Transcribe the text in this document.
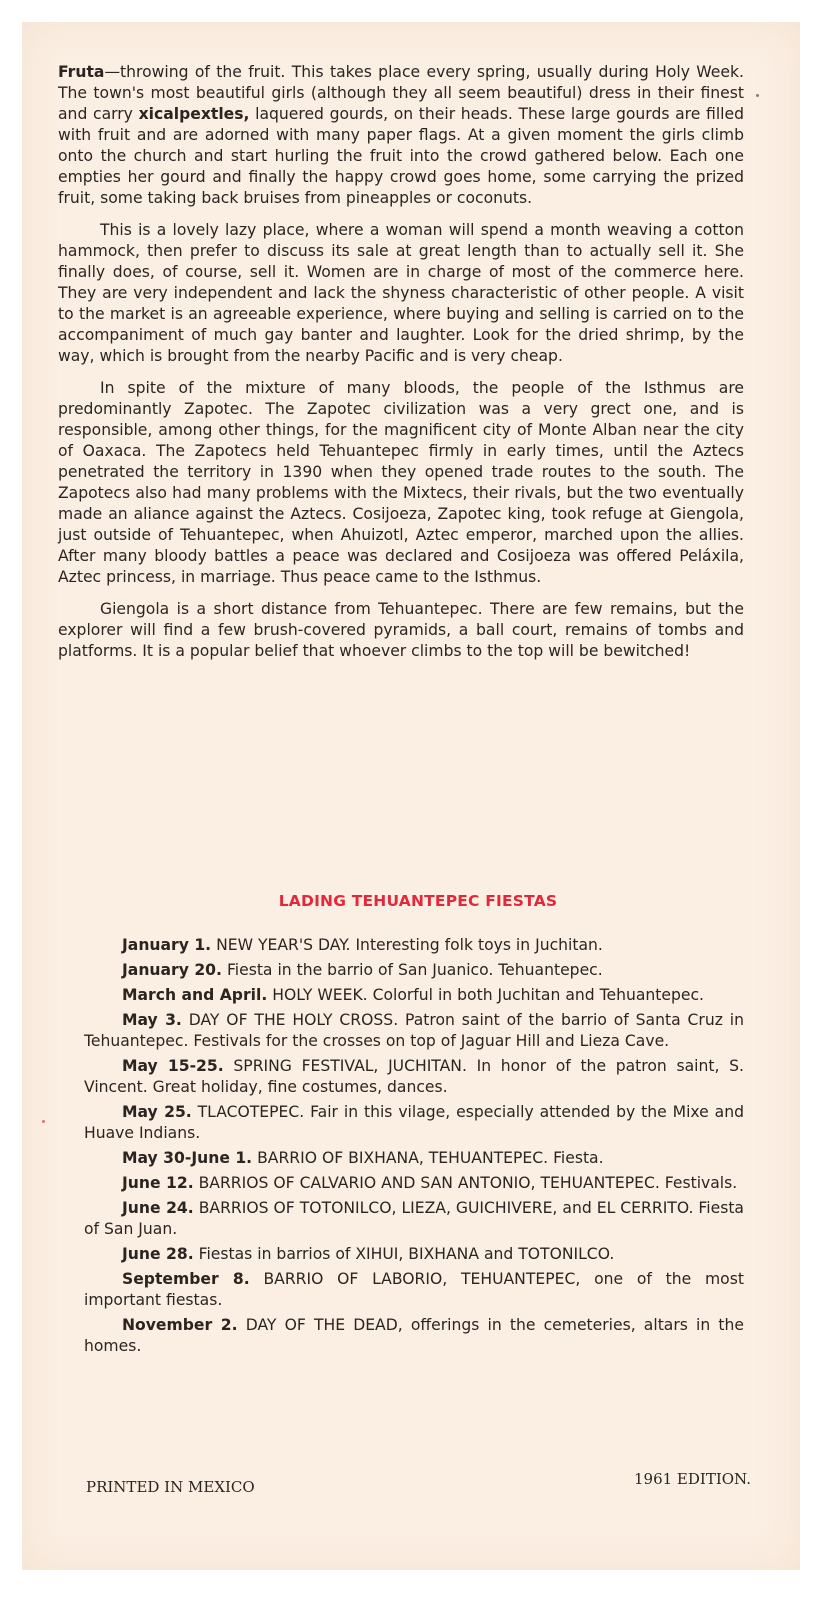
Fruta—throwing of the fruit. This takes place every spring, usually during Holy Week. The town's most beautiful girls (although they all seem beautiful) dress in their finest and carry xicalpextles, laquered gourds, on their heads. These large gourds are filled with fruit and are adorned with many paper flags. At a given moment the girls climb onto the church and start hurling the fruit into the crowd gathered below. Each one empties her gourd and finally the happy crowd goes home, some carrying the prized fruit, some taking back bruises from pineapples or coconuts.

This is a lovely lazy place, where a woman will spend a month weaving a cotton hammock, then prefer to discuss its sale at great length than to actually sell it. She finally does, of course, sell it. Women are in charge of most of the commerce here. They are very independent and lack the shyness characteristic of other people. A visit to the market is an agreeable experience, where buying and selling is carried on to the accompaniment of much gay banter and laughter. Look for the dried shrimp, by the way, which is brought from the nearby Pacific and is very cheap.

In spite of the mixture of many bloods, the people of the Isthmus are predominantly Zapotec. The Zapotec civilization was a very grect one, and is responsible, among other things, for the magnificent city of Monte Alban near the city of Oaxaca. The Zapotecs held Tehuantepec firmly in early times, until the Aztecs penetrated the territory in 1390 when they opened trade routes to the south. The Zapotecs also had many problems with the Mixtecs, their rivals, but the two eventually made an aliance against the Aztecs. Cosijoeza, Zapotec king, took refuge at Giengola, just outside of Tehuantepec, when Ahuizotl, Aztec emperor, marched upon the allies. After many bloody battles a peace was declared and Cosijoeza was offered Peláxila, Aztec princess, in marriage. Thus peace came to the Isthmus.

Giengola is a short distance from Tehuantepec. There are few remains, but the explorer will find a few brush-covered pyramids, a ball court, remains of tombs and platforms. It is a popular belief that whoever climbs to the top will be bewitched!

LADING TEHUANTEPEC FIESTAS

January 1. NEW YEAR'S DAY. Interesting folk toys in Juchitan.

January 20. Fiesta in the barrio of San Juanico. Tehuantepec.

March and April. HOLY WEEK. Colorful in both Juchitan and Tehuantepec.

May 3. DAY OF THE HOLY CROSS. Patron saint of the barrio of Santa Cruz in Tehuantepec. Festivals for the crosses on top of Jaguar Hill and Lieza Cave.

May 15-25. SPRING FESTIVAL, JUCHITAN. In honor of the patron saint, S. Vincent. Great holiday, fine costumes, dances.

May 25. TLACOTEPEC. Fair in this vilage, especially attended by the Mixe and Huave Indians.

May 30-June 1. BARRIO OF BIXHANA, TEHUANTEPEC. Fiesta.

June 12. BARRIOS OF CALVARIO AND SAN ANTONIO, TEHUANTEPEC. Festivals.

June 24. BARRIOS OF TOTONILCO, LIEZA, GUICHIVERE, and EL CERRITO. Fiesta of San Juan.

June 28. Fiestas in barrios of XIHUI, BIXHANA and TOTONILCO.

September 8. BARRIO OF LABORIO, TEHUANTEPEC, one of the most important fiestas.

November 2. DAY OF THE DEAD, offerings in the cemeteries, altars in the homes.

PRINTED IN MEXICO	1961 EDITION.
